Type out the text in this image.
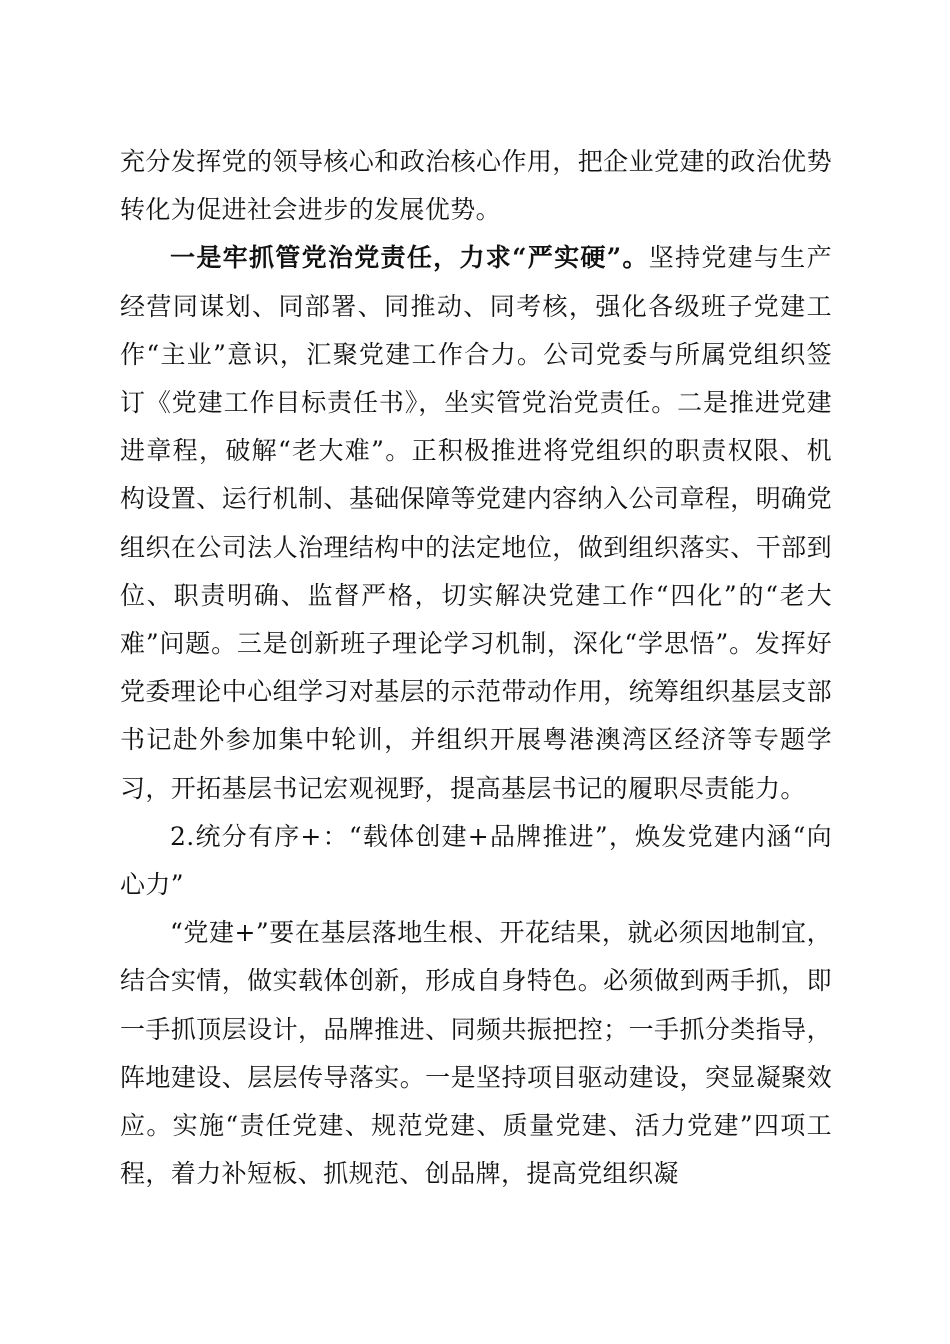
充分发挥党的领导核心和政治核心作用，把企业党建的政治优势转化为促进社会进步的发展优势。

一是牢抓管党治党责任，力求“严实硬”。坚持党建与生产经营同谋划、同部署、同推动、同考核，强化各级班子党建工作“主业”意识，汇聚党建工作合力。公司党委与所属党组织签订《党建工作目标责任书》，坐实管党治党责任。二是推进党建进章程，破解“老大难”。正积极推进将党组织的职责权限、机构设置、运行机制、基础保障等党建内容纳入公司章程，明确党组织在公司法人治理结构中的法定地位，做到组织落实、干部到位、职责明确、监督严格，切实解决党建工作“四化”的“老大难”问题。三是创新班子理论学习机制，深化“学思悟”。发挥好党委理论中心组学习对基层的示范带动作用，统筹组织基层支部书记赴外参加集中轮训，并组织开展粤港澳湾区经济等专题学习，开拓基层书记宏观视野，提高基层书记的履职尽责能力。

2.统分有序+：“载体创建+品牌推进”，焕发党建内涵“向心力”

“党建+”要在基层落地生根、开花结果，就必须因地制宜，结合实情，做实载体创新，形成自身特色。必须做到两手抓，即一手抓顶层设计，品牌推进、同频共振把控；一手抓分类指导，阵地建设、层层传导落实。一是坚持项目驱动建设，突显凝聚效应。实施“责任党建、规范党建、质量党建、活力党建”四项工程，着力补短板、抓规范、创品牌，提高党组织凝
